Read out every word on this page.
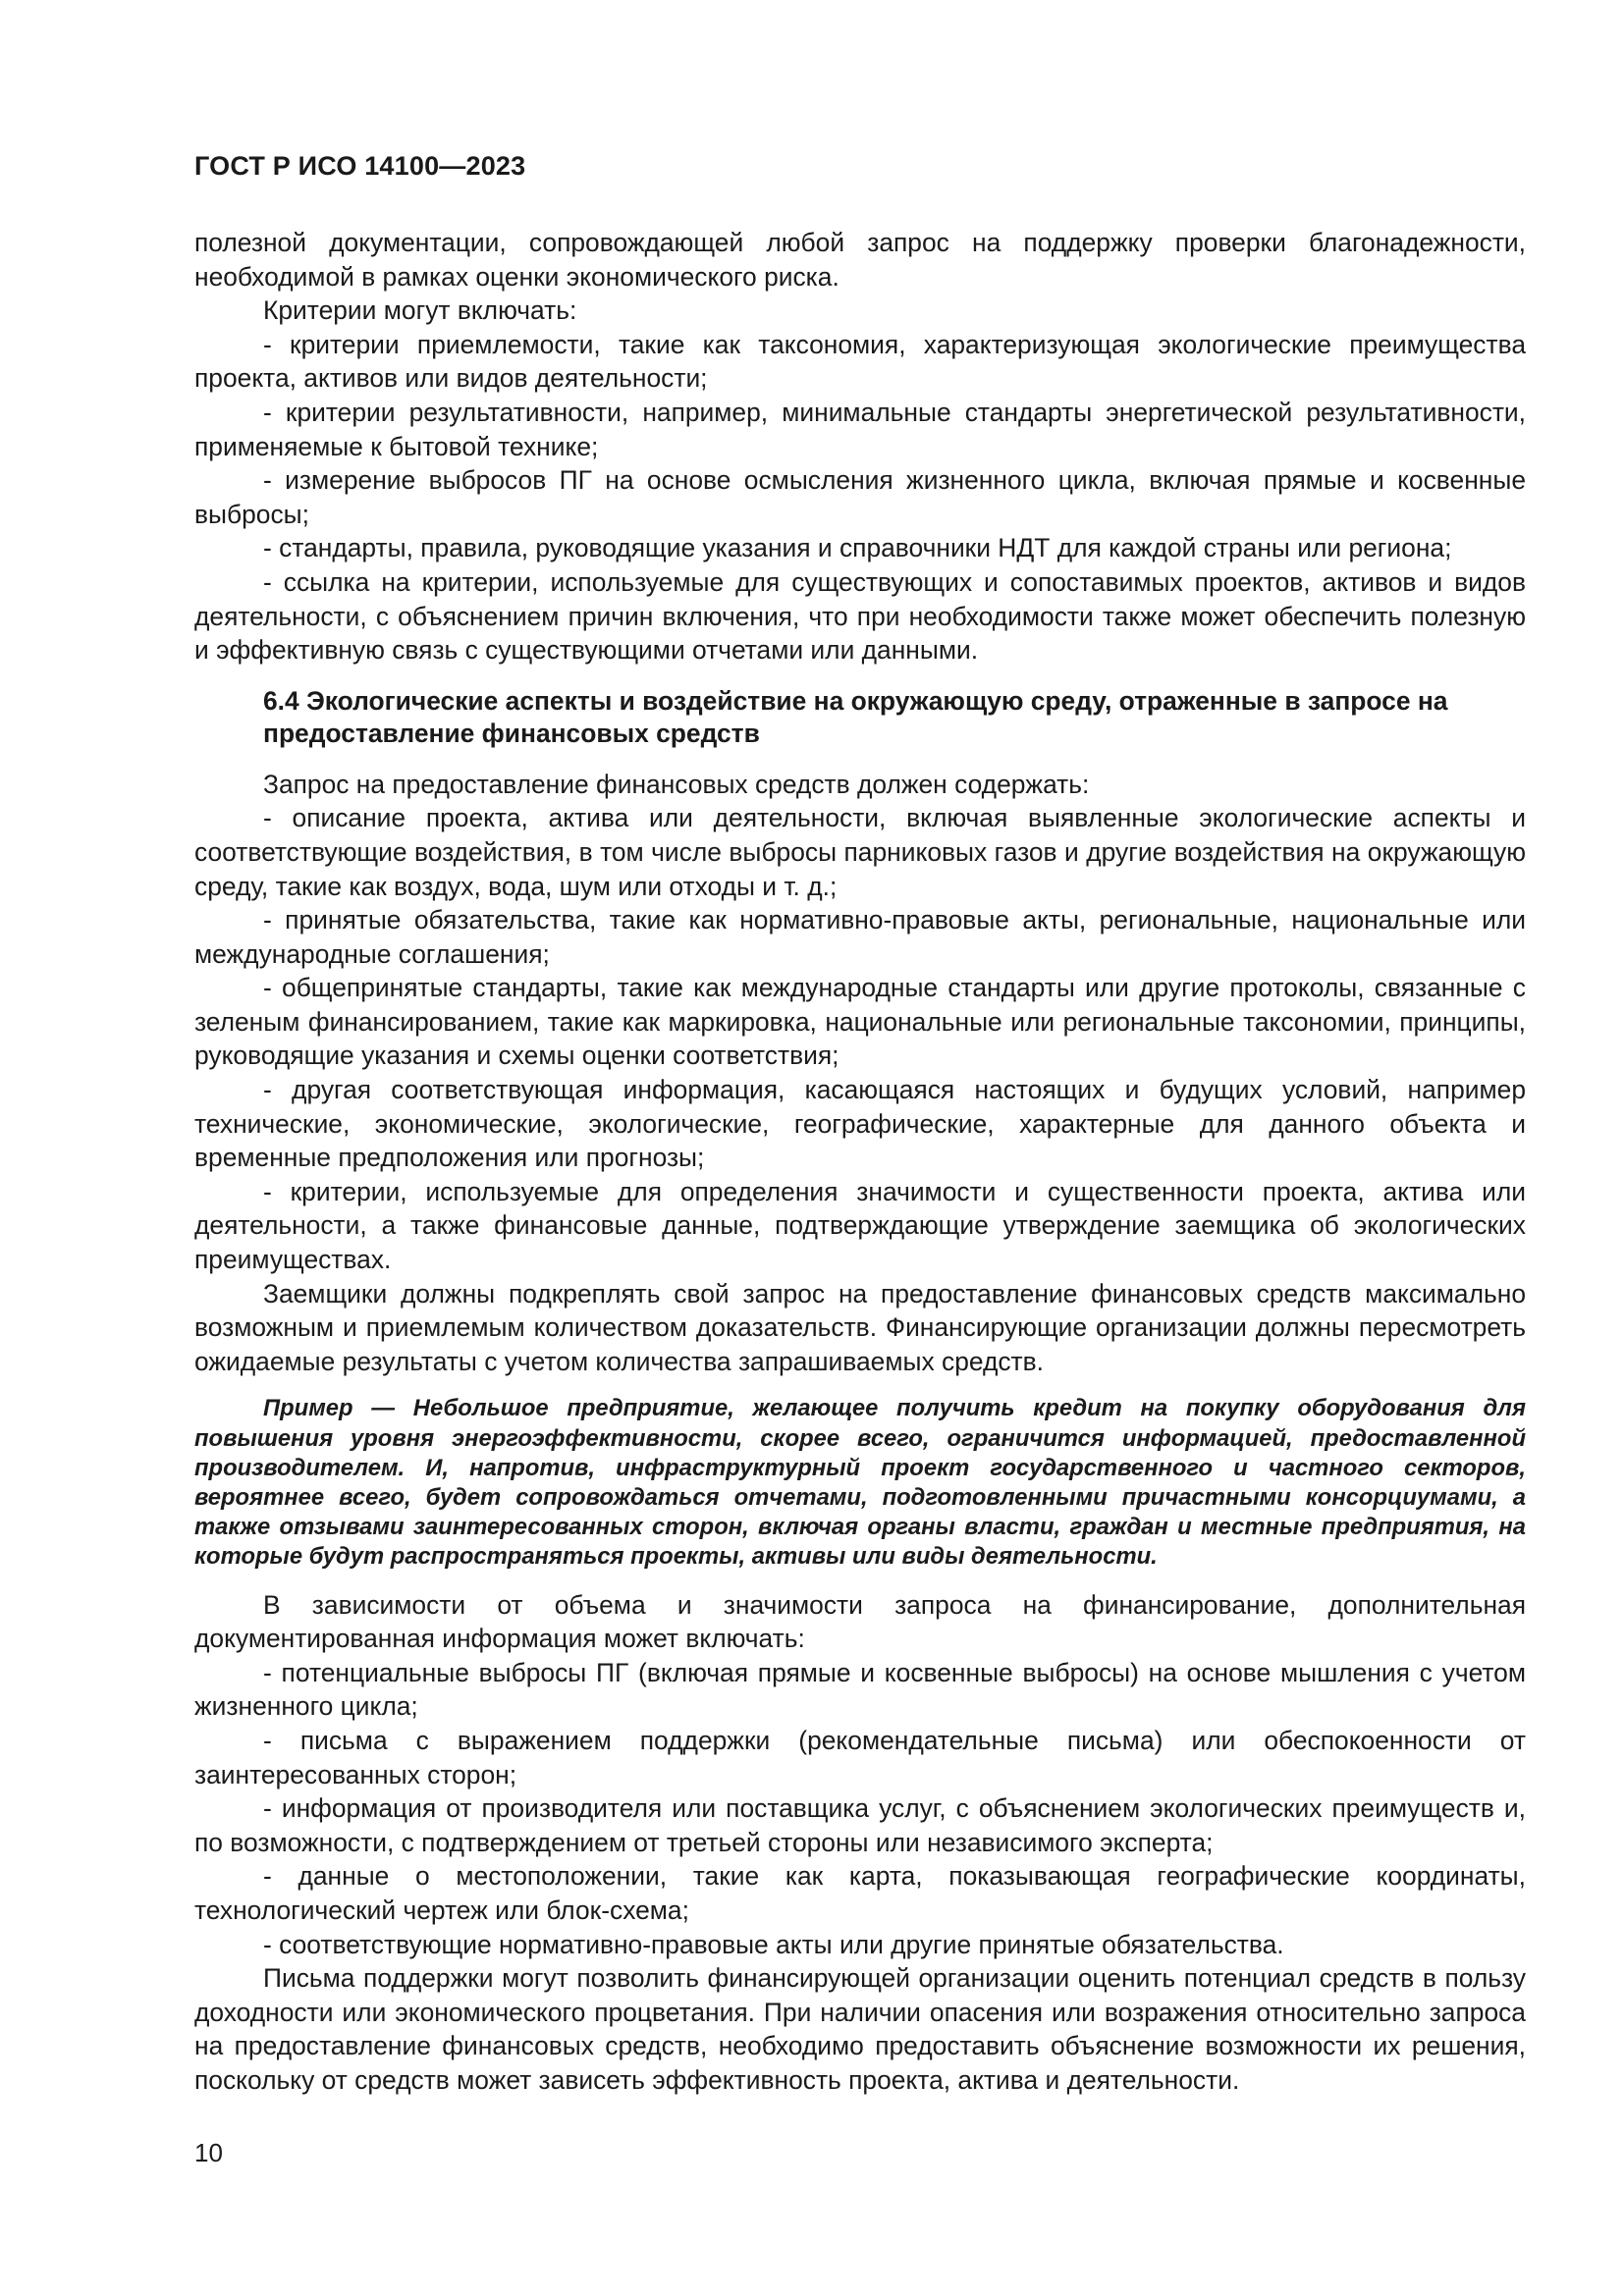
ГОСТ Р ИСО 14100—2023

полезной документации, сопровождающей любой запрос на поддержку проверки благонадежности, необходимой в рамках оценки экономического риска.

Критерии могут включать:

- критерии приемлемости, такие как таксономия, характеризующая экологические преимущества проекта, активов или видов деятельности;

- критерии результативности, например, минимальные стандарты энергетической результативности, применяемые к бытовой технике;

- измерение выбросов ПГ на основе осмысления жизненного цикла, включая прямые и косвенные выбросы;

- стандарты, правила, руководящие указания и справочники НДТ для каждой страны или региона;

- ссылка на критерии, используемые для существующих и сопоставимых проектов, активов и видов деятельности, с объяснением причин включения, что при необходимости также может обеспечить полезную и эффективную связь с существующими отчетами или данными.

6.4 Экологические аспекты и воздействие на окружающую среду, отраженные в запросе на предоставление финансовых средств

Запрос на предоставление финансовых средств должен содержать:

- описание проекта, актива или деятельности, включая выявленные экологические аспекты и соответствующие воздействия, в том числе выбросы парниковых газов и другие воздействия на окружающую среду, такие как воздух, вода, шум или отходы и т. д.;

- принятые обязательства, такие как нормативно-правовые акты, региональные, национальные или международные соглашения;

- общепринятые стандарты, такие как международные стандарты или другие протоколы, связанные с зеленым финансированием, такие как маркировка, национальные или региональные таксономии, принципы, руководящие указания и схемы оценки соответствия;

- другая соответствующая информация, касающаяся настоящих и будущих условий, например технические, экономические, экологические, географические, характерные для данного объекта и временные предположения или прогнозы;

- критерии, используемые для определения значимости и существенности проекта, актива или деятельности, а также финансовые данные, подтверждающие утверждение заемщика об экологических преимуществах.

Заемщики должны подкреплять свой запрос на предоставление финансовых средств максимально возможным и приемлемым количеством доказательств. Финансирующие организации должны пересмотреть ожидаемые результаты с учетом количества запрашиваемых средств.

Пример — Небольшое предприятие, желающее получить кредит на покупку оборудования для повышения уровня энергоэффективности, скорее всего, ограничится информацией, предоставленной производителем. И, напротив, инфраструктурный проект государственного и частного секторов, вероятнее всего, будет сопровождаться отчетами, подготовленными причастными консорциумами, а также отзывами заинтересованных сторон, включая органы власти, граждан и местные предприятия, на которые будут распространяться проекты, активы или виды деятельности.

В зависимости от объема и значимости запроса на финансирование, дополнительная документированная информация может включать:

- потенциальные выбросы ПГ (включая прямые и косвенные выбросы) на основе мышления с учетом жизненного цикла;

- письма с выражением поддержки (рекомендательные письма) или обеспокоенности от заинтересованных сторон;

- информация от производителя или поставщика услуг, с объяснением экологических преимуществ и, по возможности, с подтверждением от третьей стороны или независимого эксперта;

- данные о местоположении, такие как карта, показывающая географические координаты, технологический чертеж или блок-схема;

- соответствующие нормативно-правовые акты или другие принятые обязательства.

Письма поддержки могут позволить финансирующей организации оценить потенциал средств в пользу доходности или экономического процветания. При наличии опасения или возражения относительно запроса на предоставление финансовых средств, необходимо предоставить объяснение возможности их решения, поскольку от средств может зависеть эффективность проекта, актива и деятельности.

10
